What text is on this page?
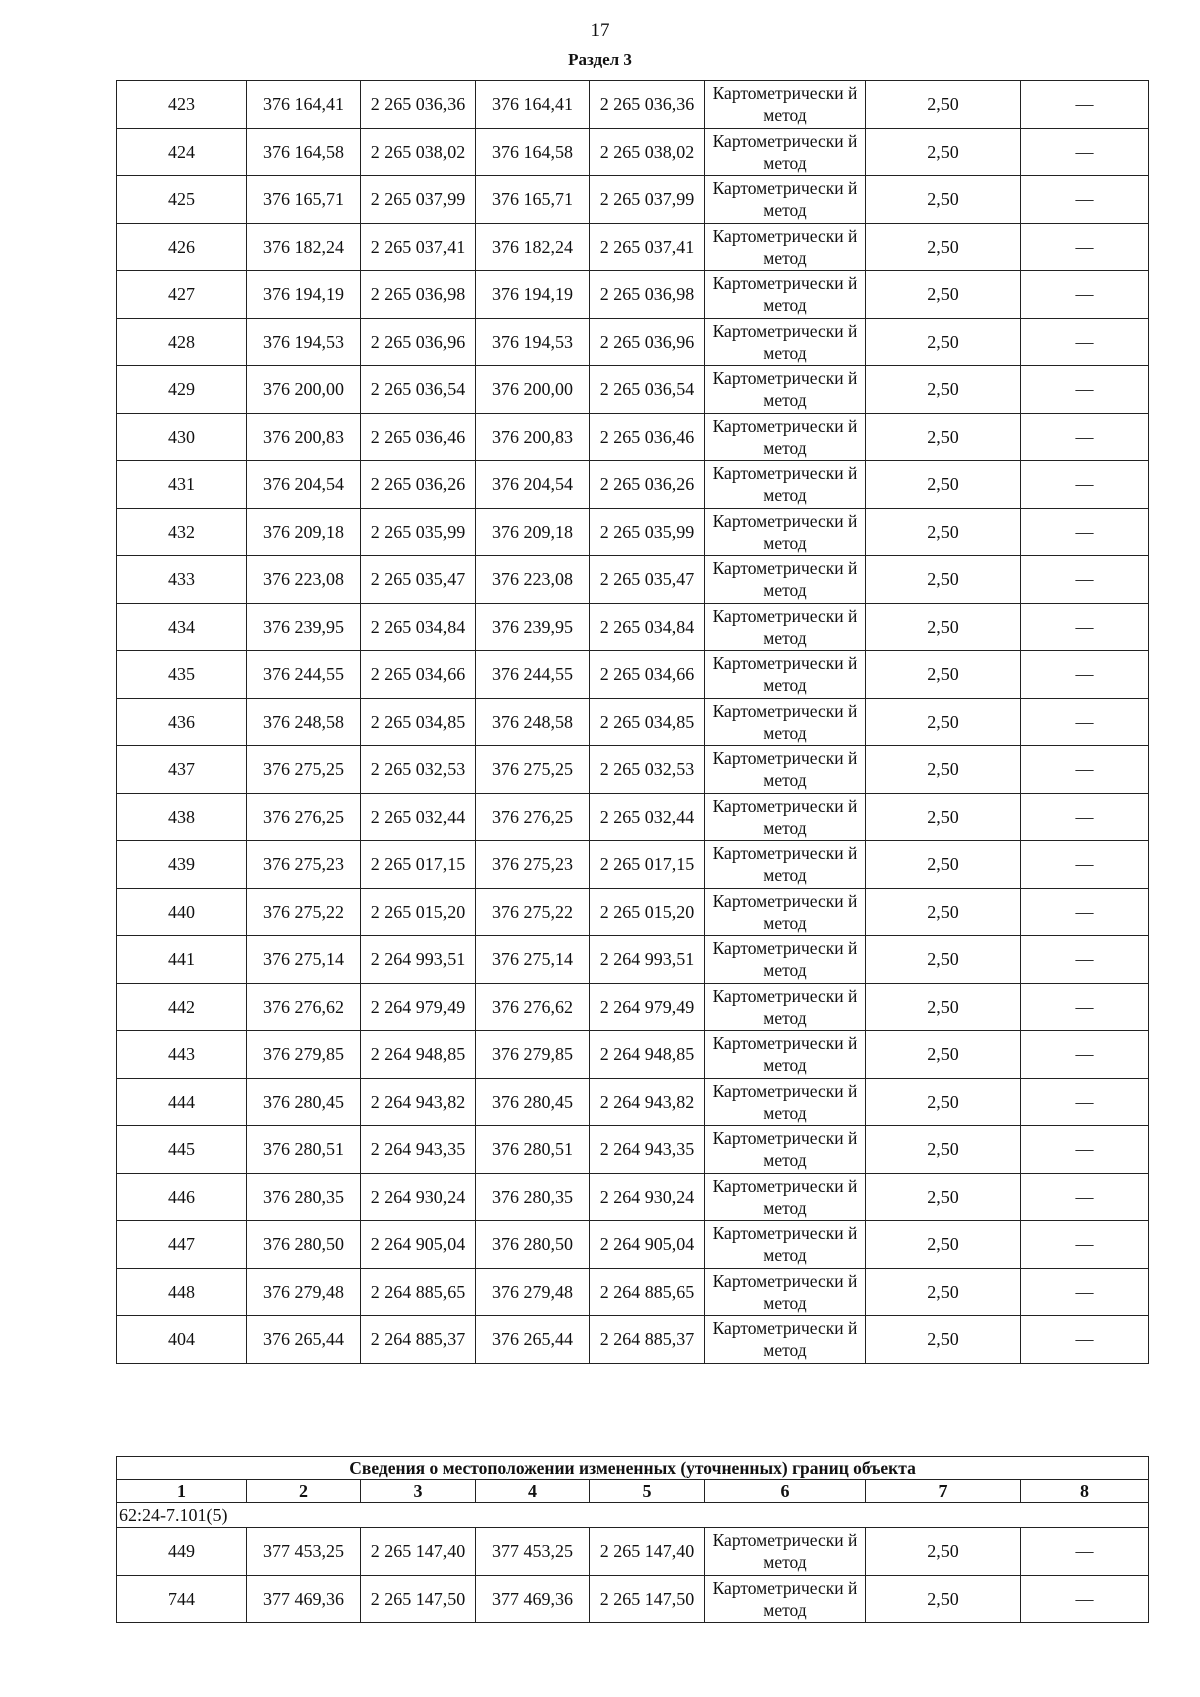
17
Раздел 3
423	376 164,41	2 265 036,36	376 164,41	2 265 036,36	Картометрически й метод	2,50	—
424	376 164,58	2 265 038,02	376 164,58	2 265 038,02	Картометрически й метод	2,50	—
425	376 165,71	2 265 037,99	376 165,71	2 265 037,99	Картометрически й метод	2,50	—
426	376 182,24	2 265 037,41	376 182,24	2 265 037,41	Картометрически й метод	2,50	—
427	376 194,19	2 265 036,98	376 194,19	2 265 036,98	Картометрически й метод	2,50	—
428	376 194,53	2 265 036,96	376 194,53	2 265 036,96	Картометрически й метод	2,50	—
429	376 200,00	2 265 036,54	376 200,00	2 265 036,54	Картометрически й метод	2,50	—
430	376 200,83	2 265 036,46	376 200,83	2 265 036,46	Картометрически й метод	2,50	—
431	376 204,54	2 265 036,26	376 204,54	2 265 036,26	Картометрически й метод	2,50	—
432	376 209,18	2 265 035,99	376 209,18	2 265 035,99	Картометрически й метод	2,50	—
433	376 223,08	2 265 035,47	376 223,08	2 265 035,47	Картометрически й метод	2,50	—
434	376 239,95	2 265 034,84	376 239,95	2 265 034,84	Картометрически й метод	2,50	—
435	376 244,55	2 265 034,66	376 244,55	2 265 034,66	Картометрически й метод	2,50	—
436	376 248,58	2 265 034,85	376 248,58	2 265 034,85	Картометрически й метод	2,50	—
437	376 275,25	2 265 032,53	376 275,25	2 265 032,53	Картометрически й метод	2,50	—
438	376 276,25	2 265 032,44	376 276,25	2 265 032,44	Картометрически й метод	2,50	—
439	376 275,23	2 265 017,15	376 275,23	2 265 017,15	Картометрически й метод	2,50	—
440	376 275,22	2 265 015,20	376 275,22	2 265 015,20	Картометрически й метод	2,50	—
441	376 275,14	2 264 993,51	376 275,14	2 264 993,51	Картометрически й метод	2,50	—
442	376 276,62	2 264 979,49	376 276,62	2 264 979,49	Картометрически й метод	2,50	—
443	376 279,85	2 264 948,85	376 279,85	2 264 948,85	Картометрически й метод	2,50	—
444	376 280,45	2 264 943,82	376 280,45	2 264 943,82	Картометрически й метод	2,50	—
445	376 280,51	2 264 943,35	376 280,51	2 264 943,35	Картометрически й метод	2,50	—
446	376 280,35	2 264 930,24	376 280,35	2 264 930,24	Картометрически й метод	2,50	—
447	376 280,50	2 264 905,04	376 280,50	2 264 905,04	Картометрически й метод	2,50	—
448	376 279,48	2 264 885,65	376 279,48	2 264 885,65	Картометрически й метод	2,50	—
404	376 265,44	2 264 885,37	376 265,44	2 264 885,37	Картометрически й метод	2,50	—
Сведения о местоположении измененных (уточненных) границ объекта							
1	2	3	4	5	6	7	8
62:24-7.101(5)							
449	377 453,25	2 265 147,40	377 453,25	2 265 147,40	Картометрически й метод	2,50	—
744	377 469,36	2 265 147,50	377 469,36	2 265 147,50	Картометрически й метод	2,50	—
